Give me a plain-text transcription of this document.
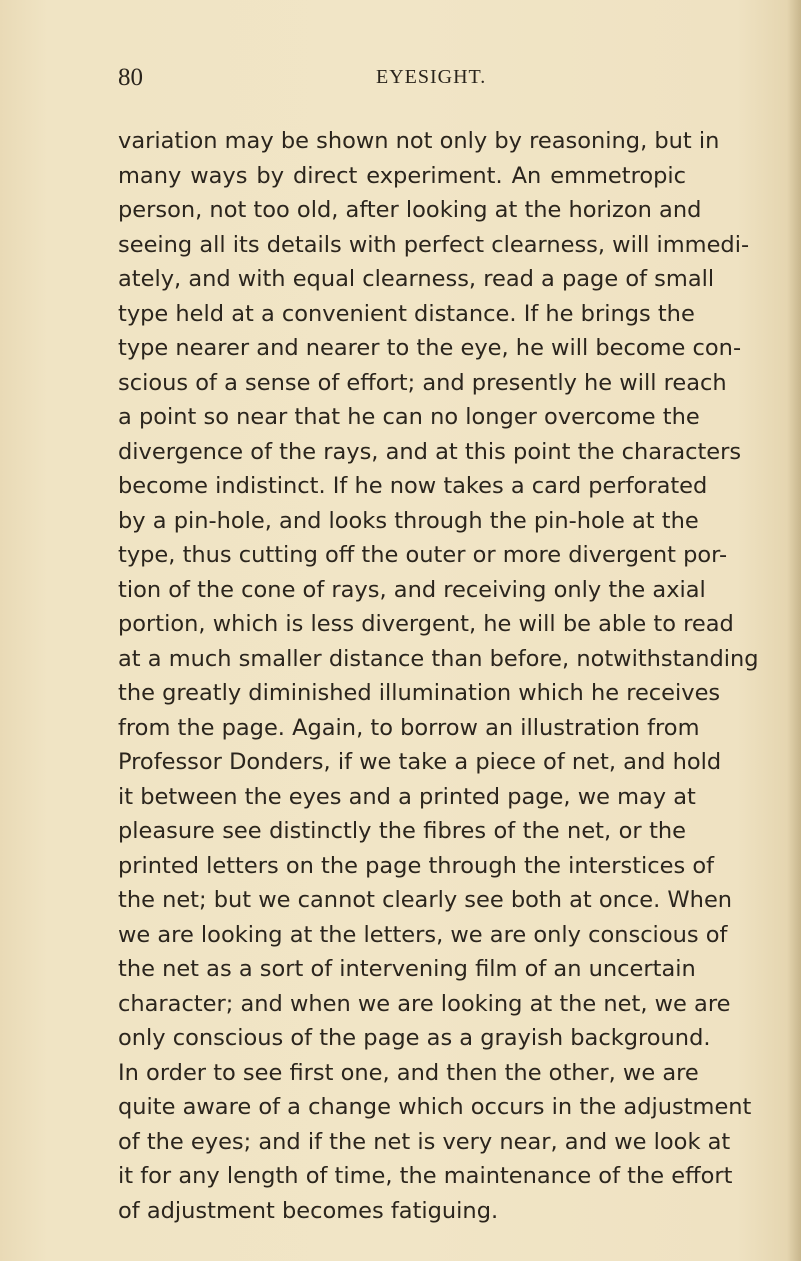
80	EYESIGHT.
variation may be shown not only by reasoning, but in
many ways by direct experiment. An emmetropic
person, not too old, after looking at the horizon and
seeing all its details with perfect clearness, will immedi-
ately, and with equal clearness, read a page of small
type held at a convenient distance. If he brings the
type nearer and nearer to the eye, he will become con-
scious of a sense of effort; and presently he will reach
a point so near that he can no longer overcome the
divergence of the rays, and at this point the characters
become indistinct. If he now takes a card perforated
by a pin-hole, and looks through the pin-hole at the
type, thus cutting off the outer or more divergent por-
tion of the cone of rays, and receiving only the axial
portion, which is less divergent, he will be able to read
at a much smaller distance than before, notwithstanding
the greatly diminished illumination which he receives
from the page. Again, to borrow an illustration from
Professor Donders, if we take a piece of net, and hold
it between the eyes and a printed page, we may at
pleasure see distinctly the fibres of the net, or the
printed letters on the page through the interstices of
the net; but we cannot clearly see both at once. When
we are looking at the letters, we are only conscious of
the net as a sort of intervening film of an uncertain
character; and when we are looking at the net, we are
only conscious of the page as a grayish background.
In order to see first one, and then the other, we are
quite aware of a change which occurs in the adjustment
of the eyes; and if the net is very near, and we look at
it for any length of time, the maintenance of the effort
of adjustment becomes fatiguing.
